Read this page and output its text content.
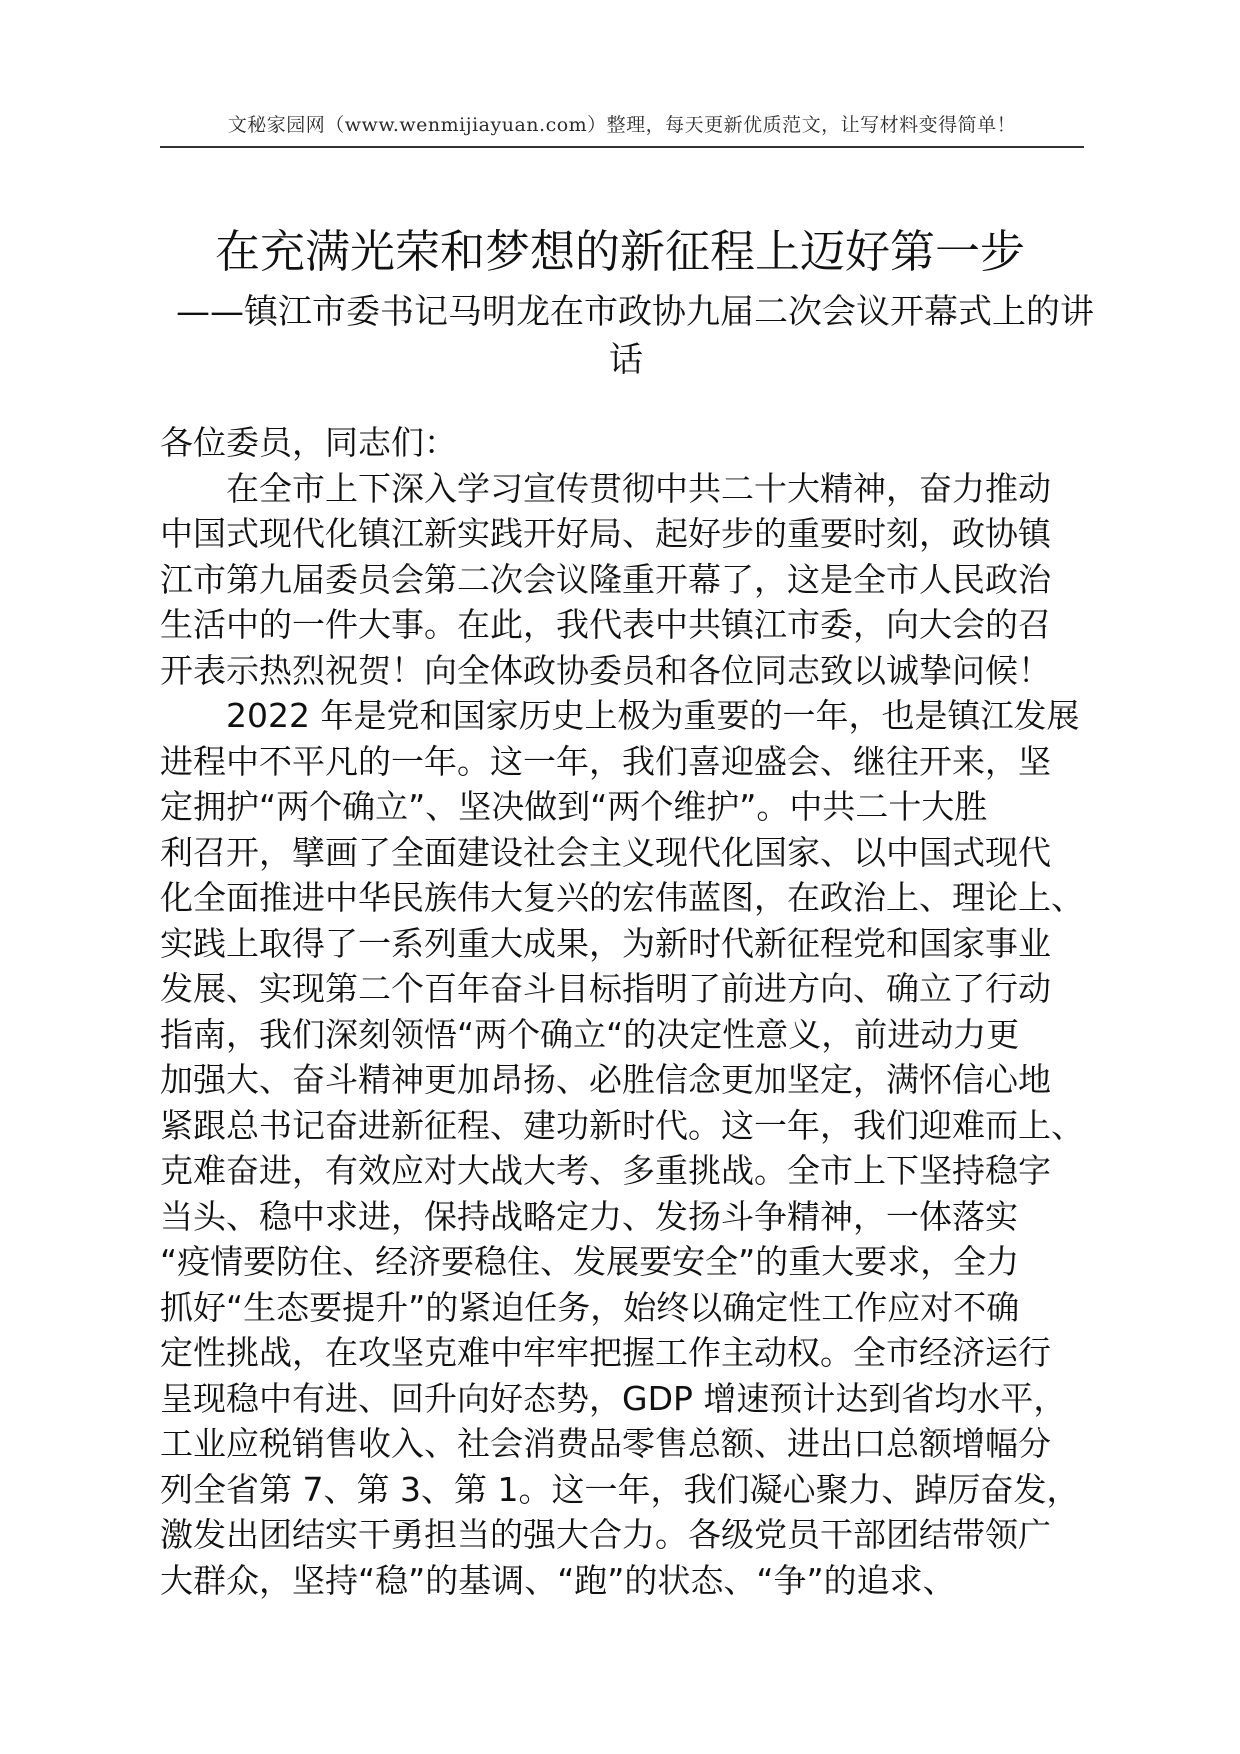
文秘家园网（www.wenmijiayuan.com）整理，每天更新优质范文，让写材料变得简单！
在充满光荣和梦想的新征程上迈好第一步
——镇江市委书记马明龙在市政协九届二次会议开幕式上的讲
话
各位委员，同志们：
在全市上下深入学习宣传贯彻中共二十大精神，奋力推动
中国式现代化镇江新实践开好局、起好步的重要时刻，政协镇
江市第九届委员会第二次会议隆重开幕了，这是全市人民政治
生活中的一件大事。在此，我代表中共镇江市委，向大会的召
开表示热烈祝贺！向全体政协委员和各位同志致以诚挚问候！
2022 年是党和国家历史上极为重要的一年，也是镇江发展
进程中不平凡的一年。这一年，我们喜迎盛会、继往开来，坚
定拥护“两个确立”、坚决做到“两个维护”。中共二十大胜
利召开，擘画了全面建设社会主义现代化国家、以中国式现代
化全面推进中华民族伟大复兴的宏伟蓝图，在政治上、理论上、
实践上取得了一系列重大成果，为新时代新征程党和国家事业
发展、实现第二个百年奋斗目标指明了前进方向、确立了行动
指南，我们深刻领悟“两个确立“的决定性意义，前进动力更
加强大、奋斗精神更加昂扬、必胜信念更加坚定，满怀信心地
紧跟总书记奋进新征程、建功新时代。这一年，我们迎难而上、
克难奋进，有效应对大战大考、多重挑战。全市上下坚持稳字
当头、稳中求进，保持战略定力、发扬斗争精神，一体落实
“疫情要防住、经济要稳住、发展要安全”的重大要求，全力
抓好“生态要提升”的紧迫任务，始终以确定性工作应对不确
定性挑战，在攻坚克难中牢牢把握工作主动权。全市经济运行
呈现稳中有进、回升向好态势，GDP 增速预计达到省均水平，
工业应税销售收入、社会消费品零售总额、进出口总额增幅分
列全省第 7、第 3、第 1。这一年，我们凝心聚力、踔厉奋发，
激发出团结实干勇担当的强大合力。各级党员干部团结带领广
大群众，坚持“稳”的基调、“跑”的状态、“争”的追求、
